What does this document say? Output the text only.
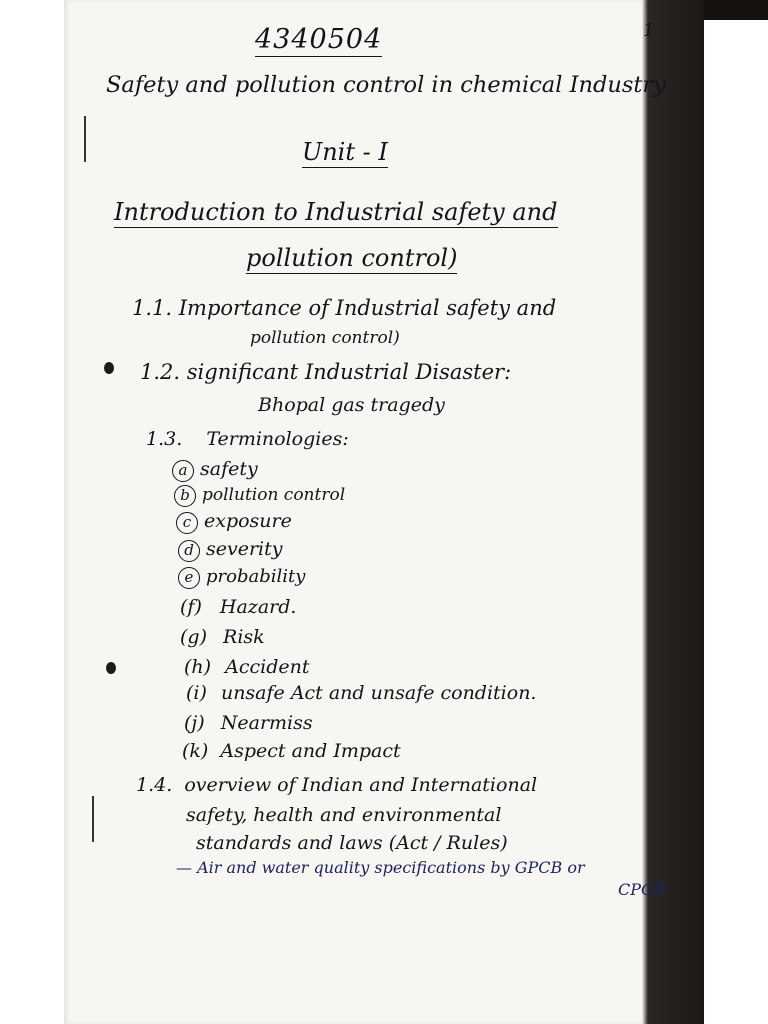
1
4340504
Safety and pollution control in chemical Industry
Unit - I
Introduction to Industrial safety and
pollution control)
1.1. Importance of Industrial safety and
pollution control)
1.2. significant Industrial Disaster:
Bhopal gas tragedy
1.3. Terminologies:
a safety
b pollution control
c exposure
d severity
e probability
(f) Hazard.
(g) Risk
(h) Accident
(i) unsafe Act and unsafe condition.
(j) Nearmiss
(k) Aspect and Impact
1.4. overview of Indian and International
safety, health and environmental
standards and laws (Act / Rules)
— Air and water quality specifications by GPCB or
CPCB
